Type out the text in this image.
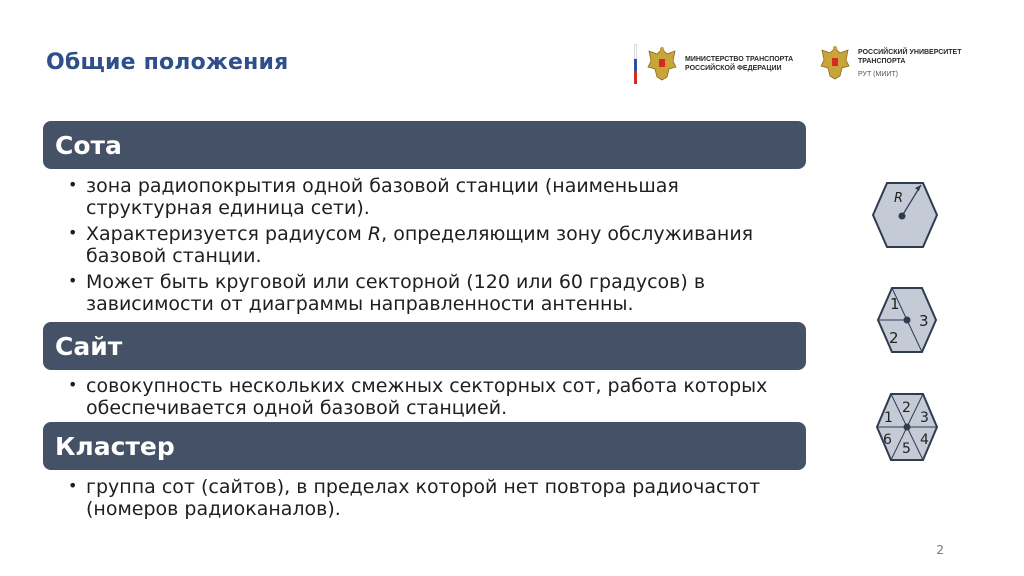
Общие положения	МИНИСТЕРСТВО ТРАНСПОРТА
РОССИЙСКОЙ ФЕДЕРАЦИИ
РОССИЙСКИЙ УНИВЕРСИТЕТ
ТРАНСПОРТА
РУТ (МИИТ)
Сота
• зона радиопокрытия одной базовой станции (наименьшая структурная единица сети).
• Характеризуется радиусом R, определяющим зону обслуживания базовой станции.
• Может быть круговой или секторной (120 или 60 градусов) в зависимости от диаграммы направленности антенны.
Сайт
• совокупность нескольких смежных секторных сот, работа которых обеспечивается одной базовой станцией.
Кластер
• группа сот (сайтов), в пределах которой нет повтора радиочастот (номеров радиоканалов).
R
1
2
3
1
2
3
4
5
6
2
